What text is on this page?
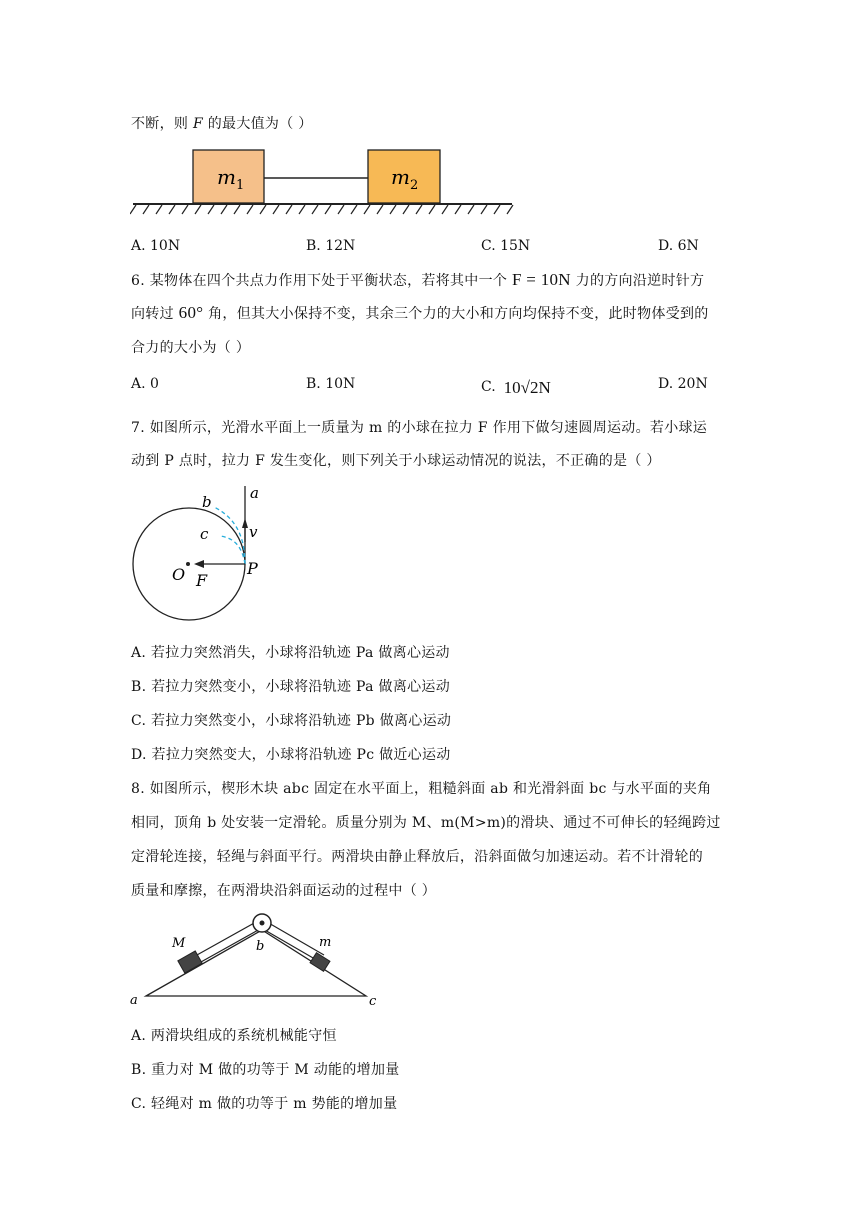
不断，则 F 的最大值为（ ）
$m_1$	$m_2$
A. 10N	B. 12N	C. 15N	D. 6N
6. 某物体在四个共点力作用下处于平衡状态，若将其中一个 F = 10N 力的方向沿逆时针方
向转过 60° 角，但其大小保持不变，其余三个力的大小和方向均保持不变，此时物体受到的
合力的大小为（ ）
A. 0	B. 10N	C. 10√2N	D. 20N
7. 如图所示，光滑水平面上一质量为 m 的小球在拉力 F 作用下做匀速圆周运动。若小球运
动到 P 点时，拉力 F 发生变化，则下列关于小球运动情况的说法，不正确的是（ ）
a
b
c	v
O F
P
A. 若拉力突然消失，小球将沿轨迹 Pa 做离心运动
B. 若拉力突然变小，小球将沿轨迹 Pa 做离心运动
C. 若拉力突然变小，小球将沿轨迹 Pb 做离心运动
D. 若拉力突然变大，小球将沿轨迹 Pc 做近心运动
8. 如图所示，楔形木块 abc 固定在水平面上，粗糙斜面 ab 和光滑斜面 bc 与水平面的夹角
相同，顶角 b 处安装一定滑轮。质量分别为 M、m(M>m)的滑块、通过不可伸长的轻绳跨过
定滑轮连接，轻绳与斜面平行。两滑块由静止释放后，沿斜面做匀加速运动。若不计滑轮的
质量和摩擦，在两滑块沿斜面运动的过程中（ ）
M	m
b
a	c
A. 两滑块组成的系统机械能守恒
B. 重力对 M 做的功等于 M 动能的增加量
C. 轻绳对 m 做的功等于 m 势能的增加量
